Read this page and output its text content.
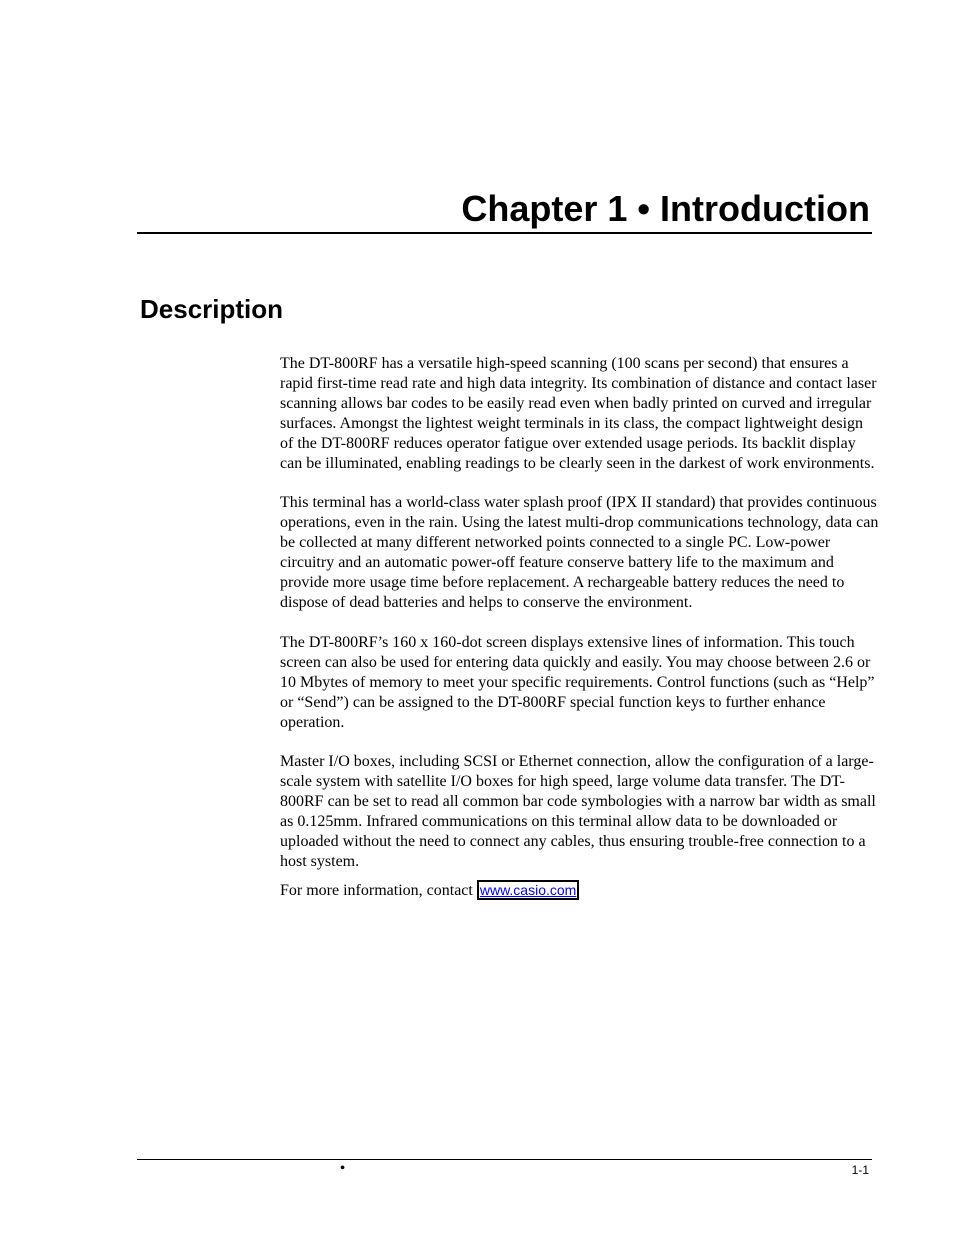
Chapter 1 • Introduction
Description

The DT-800RF has a versatile high-speed scanning (100 scans per second) that ensures a rapid first-time read rate and high data integrity. Its combination of distance and contact laser scanning allows bar codes to be easily read even when badly printed on curved and irregular surfaces. Amongst the lightest weight terminals in its class, the compact lightweight design of the DT-800RF reduces operator fatigue over extended usage periods. Its backlit display can be illuminated, enabling readings to be clearly seen in the darkest of work environments.

This terminal has a world-class water splash proof (IPX II standard) that provides continuous operations, even in the rain. Using the latest multi-drop communications technology, data can be collected at many different networked points connected to a single PC. Low-power circuitry and an automatic power-off feature conserve battery life to the maximum and provide more usage time before replacement. A rechargeable battery reduces the need to dispose of dead batteries and helps to conserve the environment.

The DT-800RF’s 160 x 160-dot screen displays extensive lines of information. This touch screen can also be used for entering data quickly and easily. You may choose between 2.6 or 10 Mbytes of memory to meet your specific requirements. Control functions (such as “Help” or “Send”) can be assigned to the DT-800RF special function keys to further enhance operation.

Master I/O boxes, including SCSI or Ethernet connection, allow the configuration of a large-scale system with satellite I/O boxes for high speed, large volume data transfer. The DT-800RF can be set to read all common bar code symbologies with a narrow bar width as small as 0.125mm. Infrared communications on this terminal allow data to be downloaded or uploaded without the need to connect any cables, thus ensuring trouble-free connection to a host system.

For more information, contact www.casio.com

•	1-1
